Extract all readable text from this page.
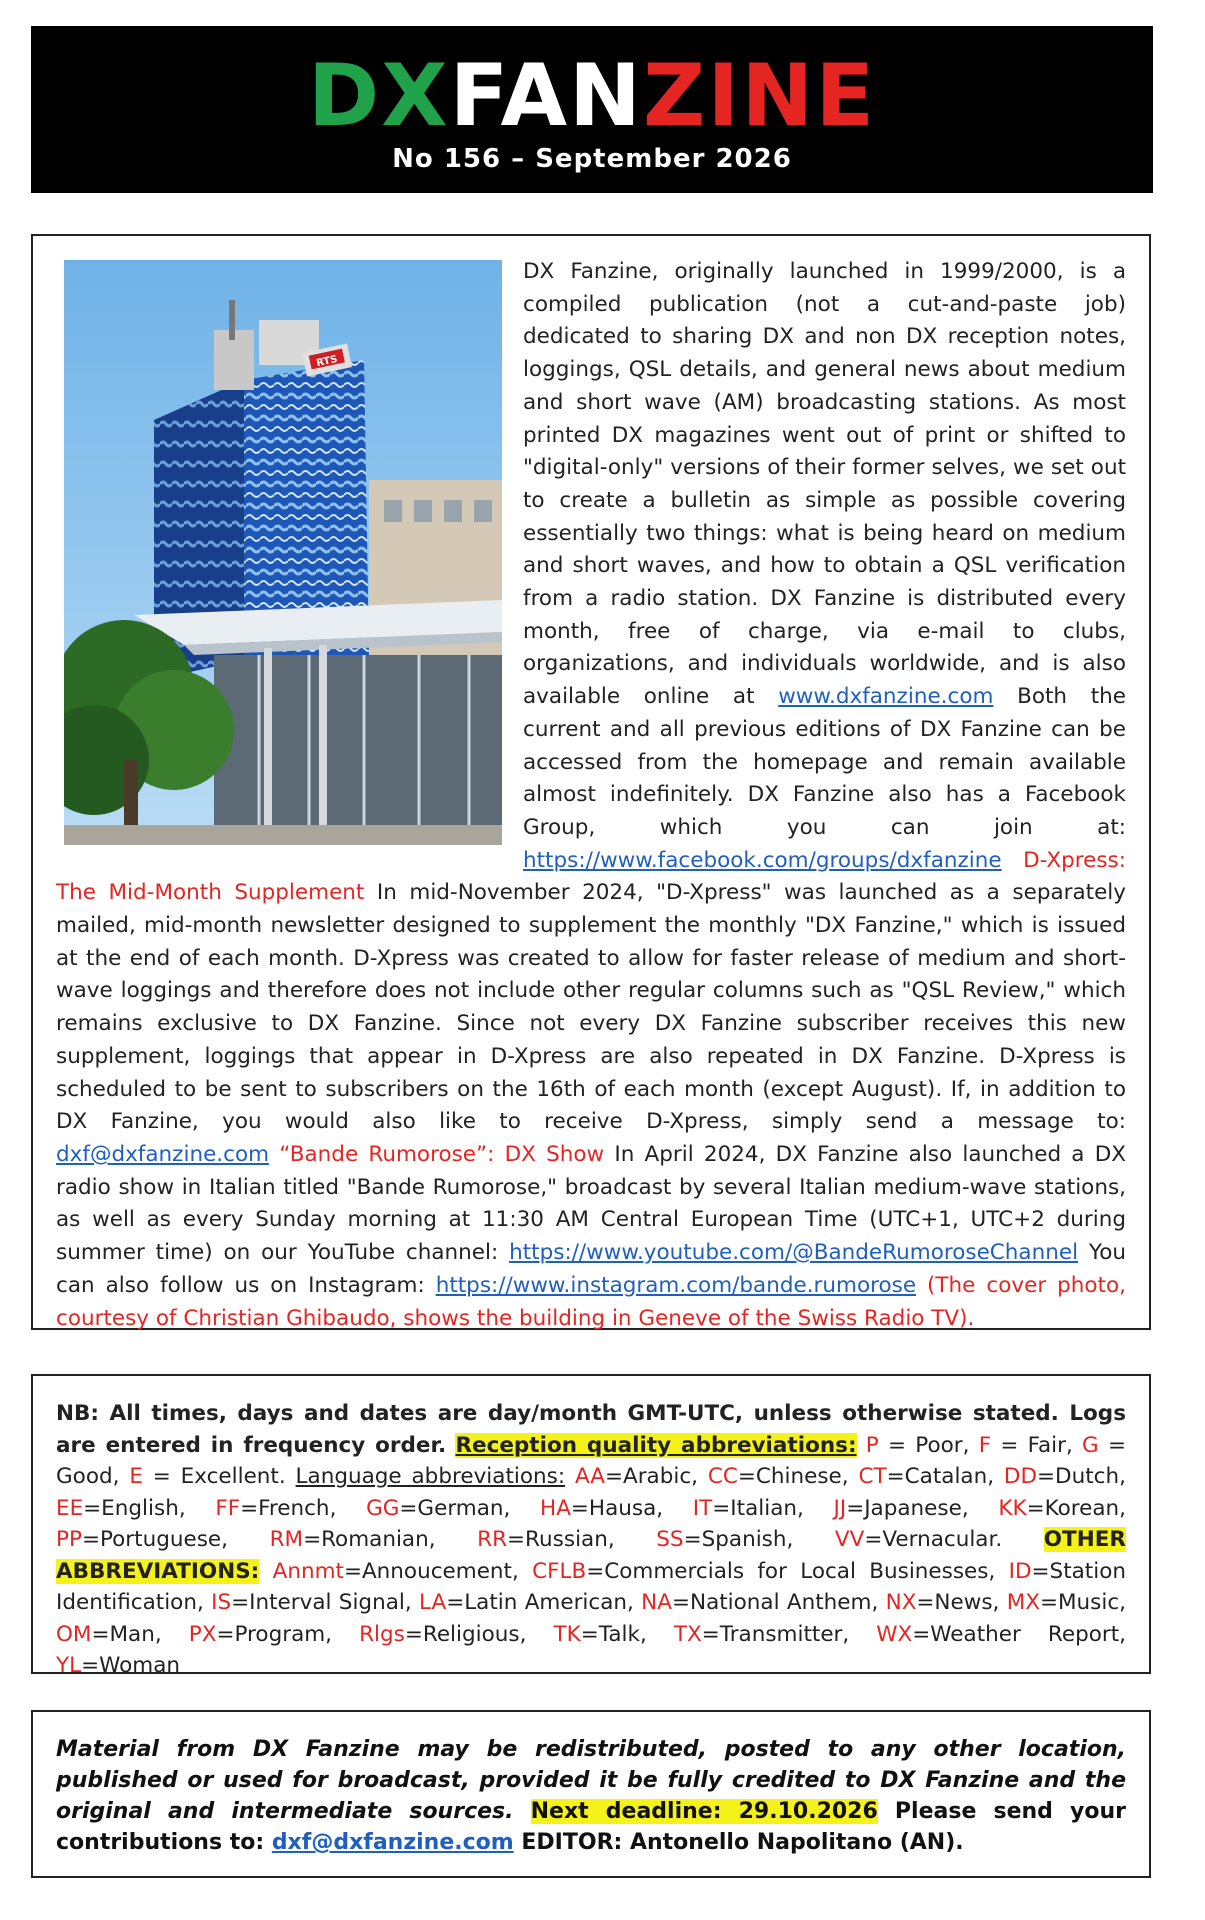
DXFANZINE
No 156 – September 2026
RTS
DX Fanzine, originally launched in 1999/2000, is a compiled publication (not a cut-and-paste job) dedicated to sharing DX and non DX reception notes, loggings, QSL details, and general news about medium and short wave (AM) broadcasting stations. As most printed DX magazines went out of print or shifted to "digital-only" versions of their former selves, we set out to create a bulletin as simple as possible covering essentially two things: what is being heard on medium and short waves, and how to obtain a QSL verification from a radio station. DX Fanzine is distributed every month, free of charge, via e-mail to clubs, organizations, and individuals worldwide, and is also available online at www.dxfanzine.com Both the current and all previous editions of DX Fanzine can be accessed from the homepage and remain available almost indefinitely. DX Fanzine also has a Facebook Group, which you can join at: https://www.facebook.com/groups/dxfanzine D-Xpress: The Mid-Month Supplement In mid-November 2024, "D-Xpress" was launched as a separately mailed, mid-month newsletter designed to supplement the monthly "DX Fanzine," which is issued at the end of each month. D-Xpress was created to allow for faster release of medium and short-wave loggings and therefore does not include other regular columns such as "QSL Review," which remains exclusive to DX Fanzine. Since not every DX Fanzine subscriber receives this new supplement, loggings that appear in D-Xpress are also repeated in DX Fanzine. D-Xpress is scheduled to be sent to subscribers on the 16th of each month (except August). If, in addition to DX Fanzine, you would also like to receive D-Xpress, simply send a message to: dxf@dxfanzine.com “Bande Rumorose”: DX Show In April 2024, DX Fanzine also launched a DX radio show in Italian titled "Bande Rumorose," broadcast by several Italian medium-wave stations, as well as every Sunday morning at 11:30 AM Central European Time (UTC+1, UTC+2 during summer time) on our YouTube channel: https://www.youtube.com/@BandeRumoroseChannel You can also follow us on Instagram: https://www.instagram.com/bande.rumorose (The cover photo, courtesy of Christian Ghibaudo, shows the building in Geneve of the Swiss Radio TV).
NB: All times, days and dates are day/month GMT-UTC, unless otherwise stated. Logs are entered in frequency order. Reception quality abbreviations: P = Poor, F = Fair, G = Good, E = Excellent. Language abbreviations: AA=Arabic, CC=Chinese, CT=Catalan, DD=Dutch, EE=English, FF=French, GG=German, HA=Hausa, IT=Italian, JJ=Japanese, KK=Korean, PP=Portuguese, RM=Romanian, RR=Russian, SS=Spanish, VV=Vernacular. OTHER ABBREVIATIONS: Annmt=Annoucement, CFLB=Commercials for Local Businesses, ID=Station Identification, IS=Interval Signal, LA=Latin American, NA=National Anthem, NX=News, MX=Music, OM=Man, PX=Program, Rlgs=Religious, TK=Talk, TX=Transmitter, WX=Weather Report, YL=Woman
Material from DX Fanzine may be redistributed, posted to any other location, published or used for broadcast, provided it be fully credited to DX Fanzine and the original and intermediate sources. Next deadline: 29.10.2026 Please send your contributions to: dxf@dxfanzine.com EDITOR: Antonello Napolitano (AN).
